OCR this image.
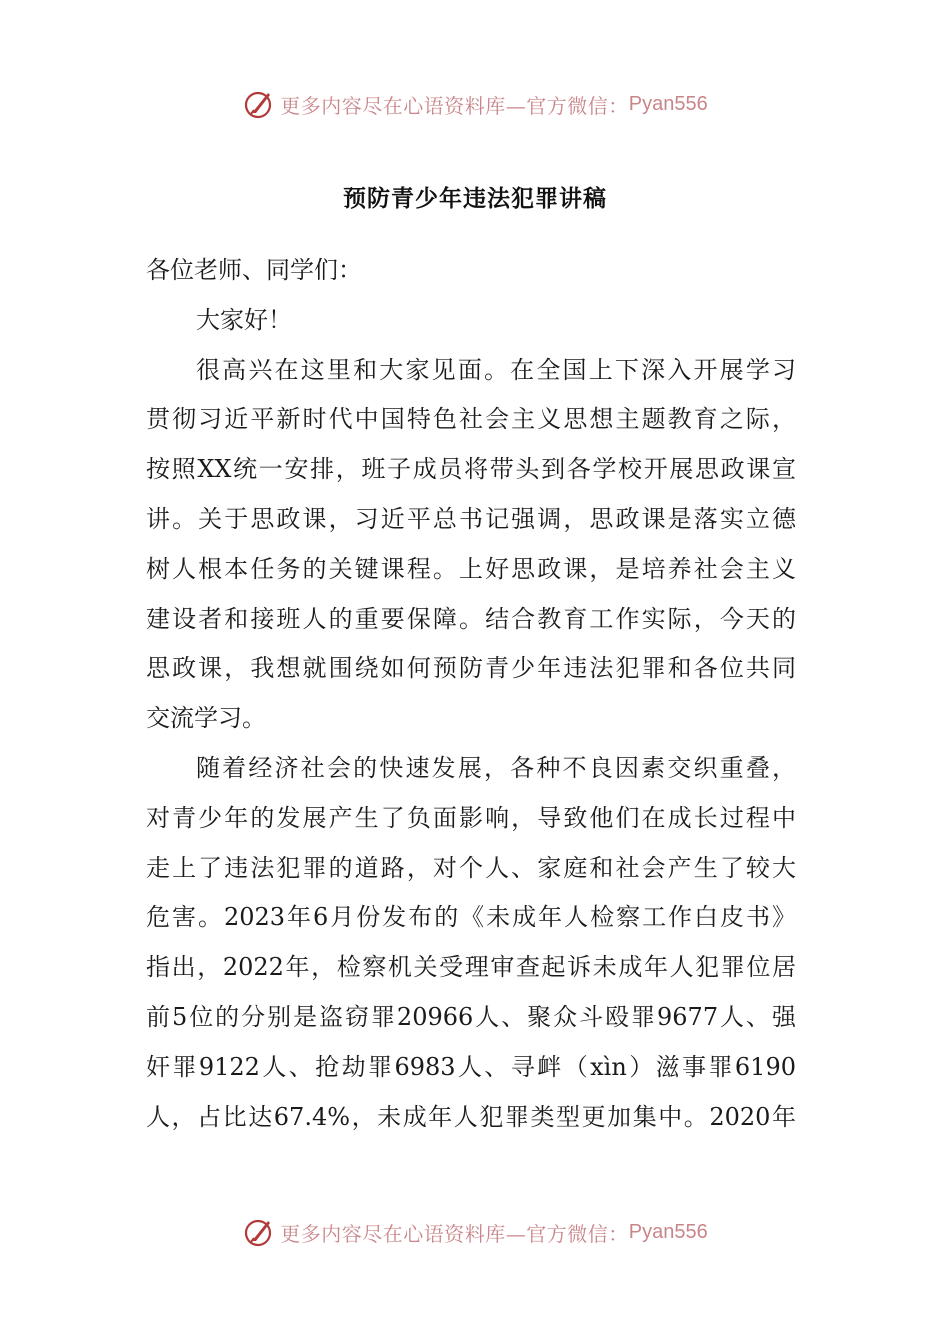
更多内容尽在心语资料库—官方微信： Pyan556
预防青少年违法犯罪讲稿
各位老师、同学们：
大家好！
很高兴在这里和大家见面。在全国上下深入开展学习
贯彻习近平新时代中国特色社会主义思想主题教育之际，
按照XX统一安排，班子成员将带头到各学校开展思政课宣
讲。关于思政课，习近平总书记强调，思政课是落实立德
树人根本任务的关键课程。上好思政课，是培养社会主义
建设者和接班人的重要保障。结合教育工作实际，今天的
思政课，我想就围绕如何预防青少年违法犯罪和各位共同
交流学习。
随着经济社会的快速发展，各种不良因素交织重叠，
对青少年的发展产生了负面影响，导致他们在成长过程中
走上了违法犯罪的道路，对个人、家庭和社会产生了较大
危害。2023年6月份发布的《未成年人检察工作白皮书》
指出，2022年，检察机关受理审查起诉未成年人犯罪位居
前5位的分别是盗窃罪20966人、聚众斗殴罪9677人、强
奸罪9122人、抢劫罪6983人、寻衅（xìn）滋事罪6190
人，占比达67.4%，未成年人犯罪类型更加集中。2020年
更多内容尽在心语资料库—官方微信： Pyan556
